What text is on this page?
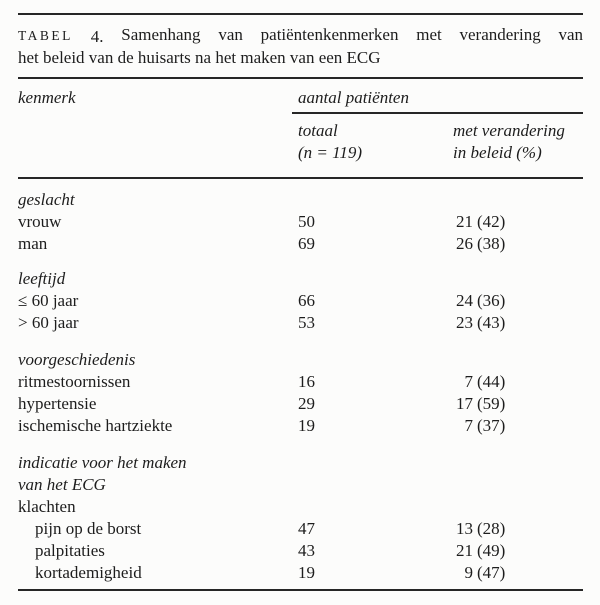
TABEL 4. Samenhang van patiëntenkenmerken met verandering van
het beleid van de huisarts na het maken van een ECG
kenmerk	aantal patiënten
totaal	met verandering
(n = 119)	in beleid (%)
geslacht
vrouw	50	21 (42)
man	69	26 (38)
leeftijd
≤ 60 jaar	66	24 (36)
> 60 jaar	53	23 (43)
voorgeschiedenis
ritmestoornissen	16	7 (44)
hypertensie	29	17 (59)
ischemische hartziekte	19	7 (37)
indicatie voor het maken
van het ECG
klachten
pijn op de borst	47	13 (28)
palpitaties	43	21 (49)
kortademigheid	19	9 (47)
